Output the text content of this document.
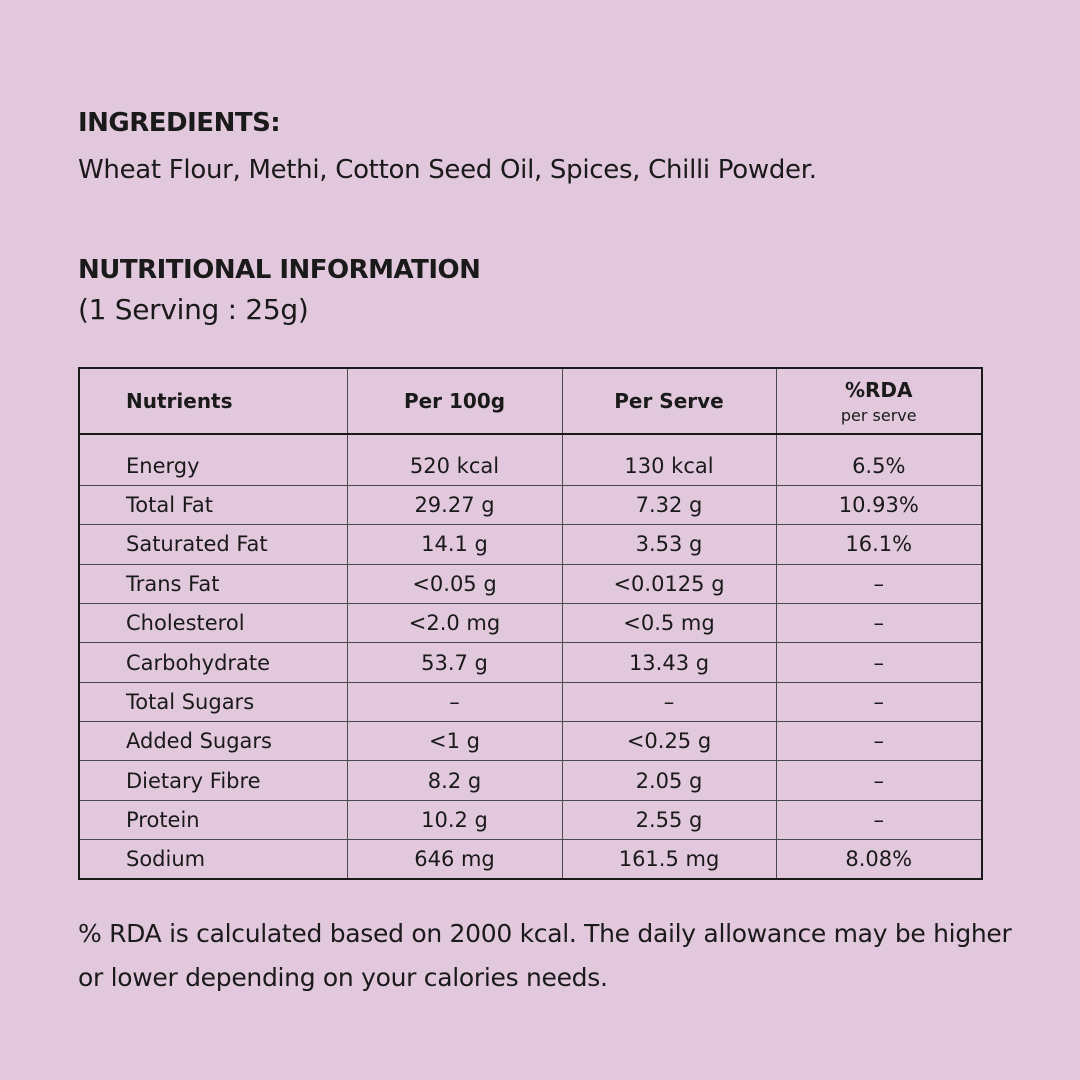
INGREDIENTS:
Wheat Flour, Methi, Cotton Seed Oil, Spices, Chilli Powder.
NUTRITIONAL INFORMATION
(1 Serving : 25g)
Nutrients	Per 100g	Per Serve	%RDA
per serve

Energy	520 kcal	130 kcal	6.5%
Total Fat	29.27 g	7.32 g	10.93%
Saturated Fat	14.1 g	3.53 g	16.1%
Trans Fat	<0.05 g	<0.0125 g	–
Cholesterol	<2.0 mg	<0.5 mg	–
Carbohydrate	53.7 g	13.43 g	–
Total Sugars	–	–	–
Added Sugars	<1 g	<0.25 g	–
Dietary Fibre	8.2 g	2.05 g	–
Protein	10.2 g	2.55 g	–
Sodium	646 mg	161.5 mg	8.08%
% RDA is calculated based on 2000 kcal. The daily allowance may be higher or lower depending on your calories needs.
